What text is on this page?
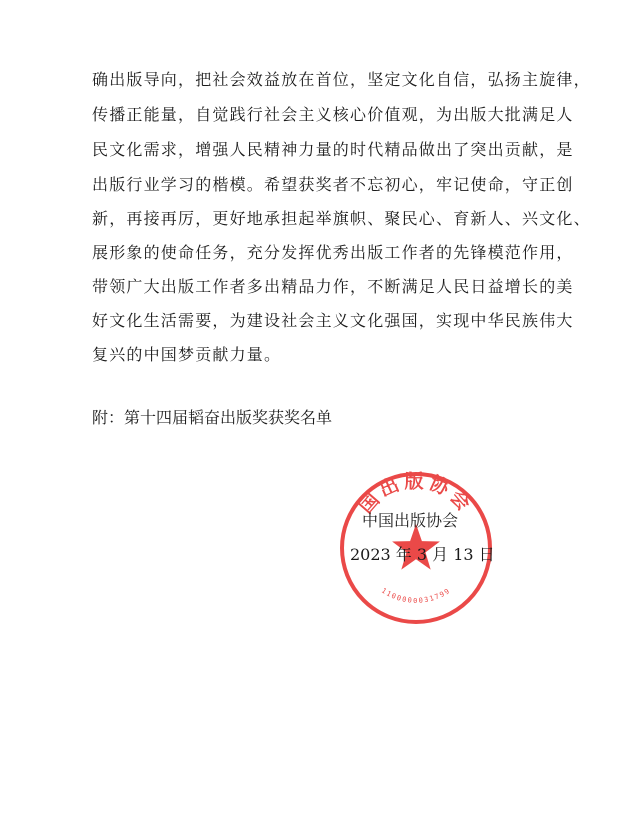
确出版导向，把社会效益放在首位，坚定文化自信，弘扬主旋律，
传播正能量，自觉践行社会主义核心价值观，为出版大批满足人
民文化需求，增强人民精神力量的时代精品做出了突出贡献，是
出版行业学习的楷模。希望获奖者不忘初心，牢记使命，守正创
新，再接再厉，更好地承担起举旗帜、聚民心、育新人、兴文化、
展形象的使命任务，充分发挥优秀出版工作者的先锋模范作用，
带领广大出版工作者多出精品力作，不断满足人民日益增长的美
好文化生活需要，为建设社会主义文化强国，实现中华民族伟大
复兴的中国梦贡献力量。
附：第十四届韬奋出版奖获奖名单
国出版协会
1100000031799
中国出版协会
2023 年 3 月 13 日
